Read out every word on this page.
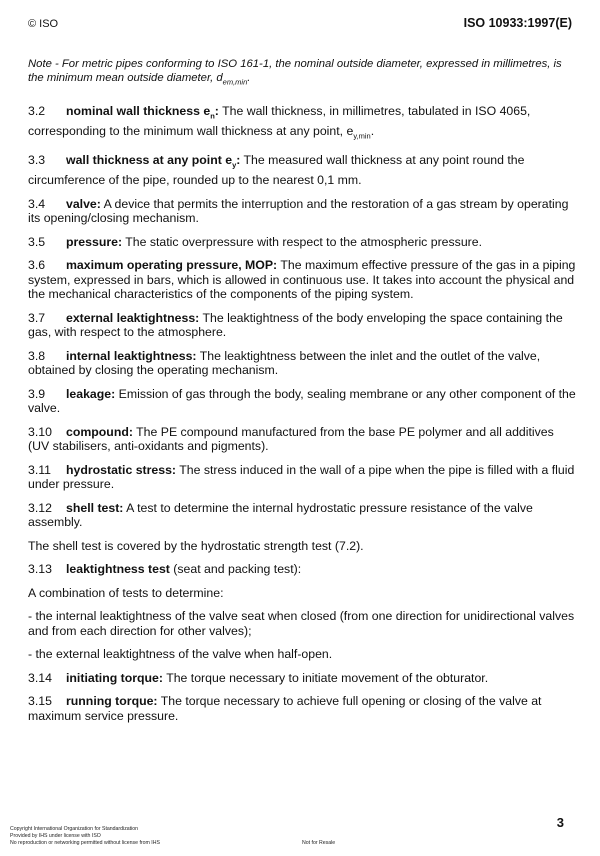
© ISO	ISO 10933:1997(E)
Note - For metric pipes conforming to ISO 161-1, the nominal outside diameter, expressed in millimetres, is the minimum mean outside diameter, $d_{em,min}$.
3.2 nominal wall thickness $e_n$: The wall thickness, in millimetres, tabulated in ISO 4065, corresponding to the minimum wall thickness at any point, $e_{y,min}$.
3.3 wall thickness at any point $e_y$: The measured wall thickness at any point round the circumference of the pipe, rounded up to the nearest 0,1 mm.
3.4 valve: A device that permits the interruption and the restoration of a gas stream by operating its opening/closing mechanism.
3.5 pressure: The static overpressure with respect to the atmospheric pressure.
3.6 maximum operating pressure, MOP: The maximum effective pressure of the gas in a piping system, expressed in bars, which is allowed in continuous use. It takes into account the physical and the mechanical characteristics of the components of the piping system.
3.7 external leaktightness: The leaktightness of the body enveloping the space containing the gas, with respect to the atmosphere.
3.8 internal leaktightness: The leaktightness between the inlet and the outlet of the valve, obtained by closing the operating mechanism.
3.9 leakage: Emission of gas through the body, sealing membrane or any other component of the valve.
3.10 compound: The PE compound manufactured from the base PE polymer and all additives (UV stabilisers, anti-oxidants and pigments).
3.11 hydrostatic stress: The stress induced in the wall of a pipe when the pipe is filled with a fluid under pressure.
3.12 shell test: A test to determine the internal hydrostatic pressure resistance of the valve assembly.
The shell test is covered by the hydrostatic strength test (7.2).
3.13 leaktightness test (seat and packing test):
A combination of tests to determine:
- the internal leaktightness of the valve seat when closed (from one direction for unidirectional valves and from each direction for other valves);
- the external leaktightness of the valve when half-open.
3.14 initiating torque: The torque necessary to initiate movement of the obturator.
3.15 running torque: The torque necessary to achieve full opening or closing of the valve at maximum service pressure.
3
Copyright International Organization for Standardization
Provided by IHS under license with ISO
No reproduction or networking permitted without license from IHS	Not for Resale
